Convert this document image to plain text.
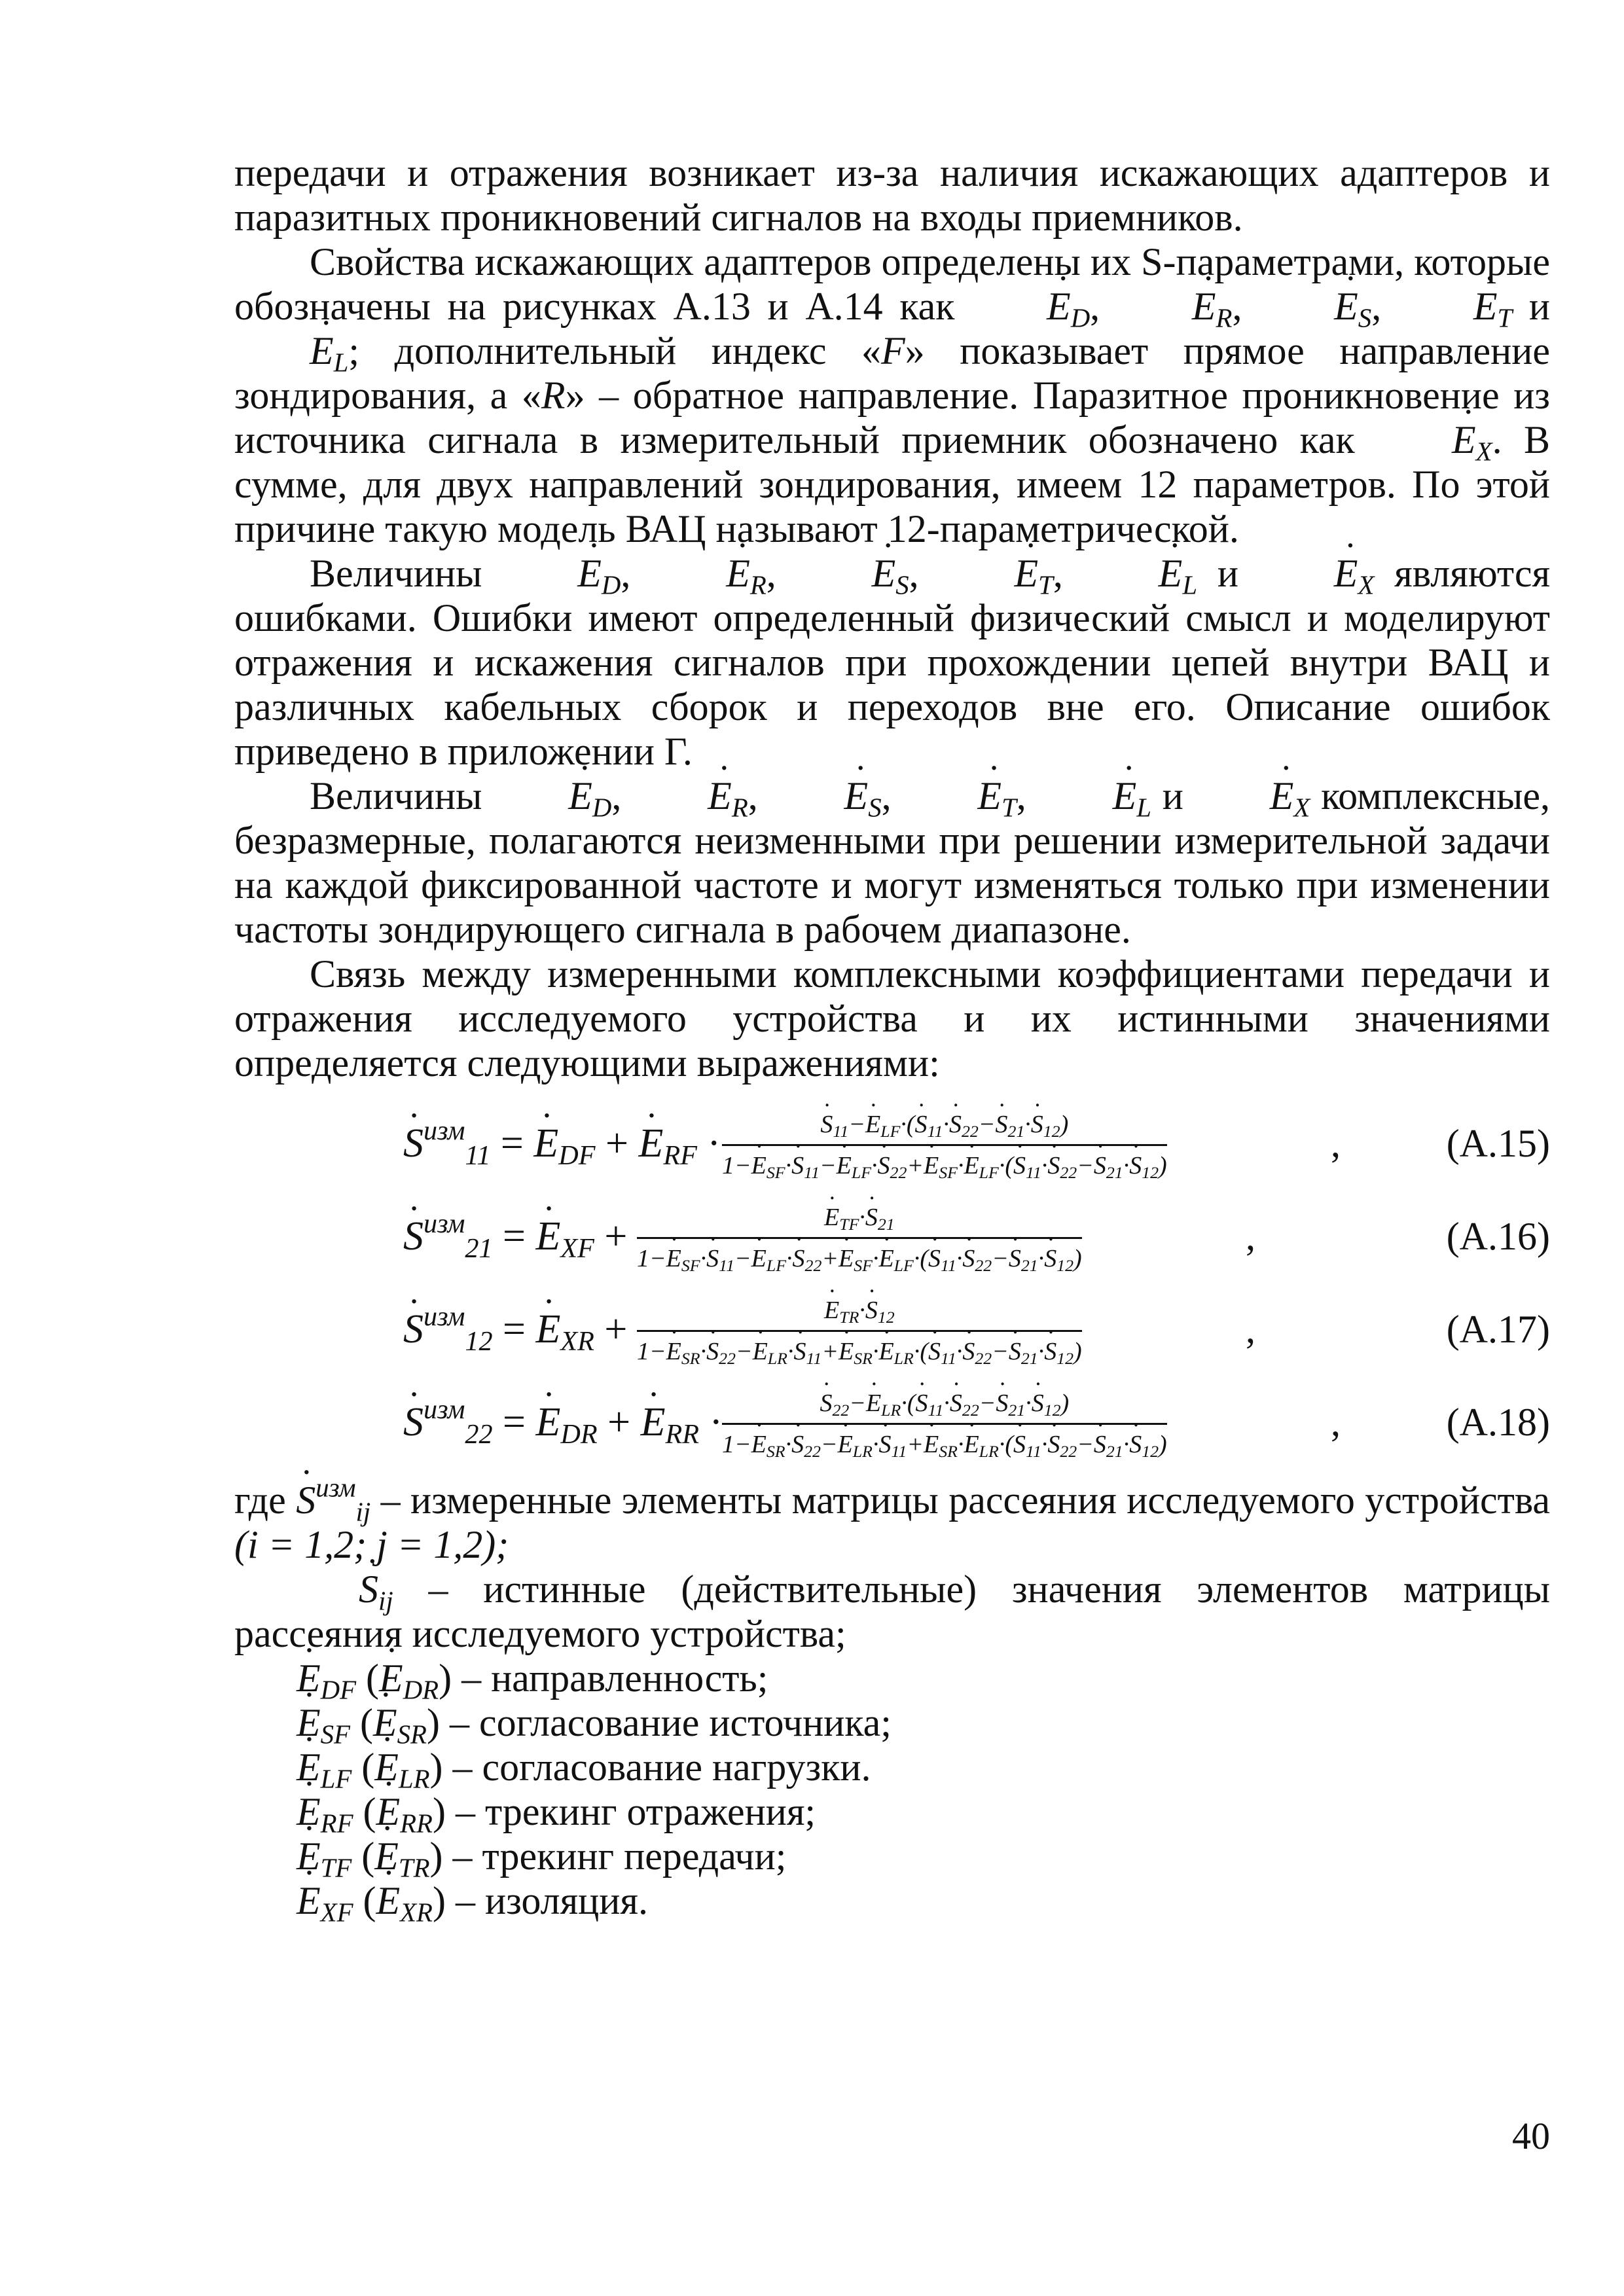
передачи и отражения возникает из-за наличия искажающих адаптеров и паразитных проникновений сигналов на входы приемников.

Свойства искажающих адаптеров определены их S-параметрами, которые обозначены на рисунках А.13 и А.14 как ˙ $E_D$, ˙ $E_R$, ˙ $E_S$, ˙ $E_T$ и ˙ $E_L$; дополнительный индекс «F» показывает прямое направление зондирования, а «R» – обратное направление. Паразитное проникновение из источника сигнала в измерительный приемник обозначено как ˙ $E_X$. В сумме, для двух направлений зондирования, имеем 12 параметров. По этой причине такую модель ВАЦ называют 12-параметрической.

Величины ˙ $E_D$, ˙ $E_R$, ˙ $E_S$, ˙ $E_T$, ˙ $E_L$ и ˙ $E_X$ являются ошибками. Ошибки имеют определенный физический смысл и моделируют отражения и искажения сигналов при прохождении цепей внутри ВАЦ и различных кабельных сборок и переходов вне его. Описание ошибок приведено в приложении Г.

Величины ˙ $E_D$, ˙ $E_R$, ˙ $E_S$, ˙ $E_T$, ˙ $E_L$ и ˙ $E_X$ комплексные, безразмерные, полагаются неизменными при решении измерительной задачи на каждой фиксированной частоте и могут изменяться только при изменении частоты зондирующего сигнала в рабочем диапазоне.

Связь между измеренными комплексными коэффициентами передачи и отражения исследуемого устройства и их истинными значениями определяется следующими выражениями:

˙ $S^{изм}_{11}$ = ˙ $E_{DF}$ + ˙ $E_{RF}$ ·	˙ $S_{11}-˙$ $E_{LF}\cdot(˙$ $S_{11}\cdot˙$ $S_{22}-˙$ $S_{21}\cdot˙$ $S_{12}$)
1−˙ $E_{SF}\cdot˙$ $S_{11}-˙$ $E_{LF}\cdot˙$ $S_{22}+˙$ $E_{SF}\cdot˙$ $E_{LF}\cdot(˙$ $S_{11}\cdot˙$ $S_{22}-˙$ $S_{21}\cdot˙$ $S_{12}$)
,	(А.15)
˙ $S^{изм}_{21}$ = ˙ $E_{XF}$ +	˙ $E_{TF}\cdot˙$ $S_{21}$
1−˙ $E_{SF}\cdot˙$ $S_{11}-˙$ $E_{LF}\cdot˙$ $S_{22}+˙$ $E_{SF}\cdot˙$ $E_{LF}\cdot(˙$ $S_{11}\cdot˙$ $S_{22}-˙$ $S_{21}\cdot˙$ $S_{12}$)
,	(А.16)
˙ $S^{изм}_{12}$ = ˙ $E_{XR}$ +	˙ $E_{TR}\cdot˙$ $S_{12}$
1−˙ $E_{SR}\cdot˙$ $S_{22}-˙$ $E_{LR}\cdot˙$ $S_{11}+˙$ $E_{SR}\cdot˙$ $E_{LR}\cdot(˙$ $S_{11}\cdot˙$ $S_{22}-˙$ $S_{21}\cdot˙$ $S_{12}$)
,	(А.17)
˙ $S^{изм}_{22}$ = ˙ $E_{DR}$ + ˙ $E_{RR}$ ·	˙ $S_{22}-˙$ $E_{LR}\cdot(˙$ $S_{11}\cdot˙$ $S_{22}-˙$ $S_{21}\cdot˙$ $S_{12}$)
1−˙ $E_{SR}\cdot˙$ $S_{22}-˙$ $E_{LR}\cdot˙$ $S_{11}+˙$ $E_{SR}\cdot˙$ $E_{LR}\cdot(˙$ $S_{11}\cdot˙$ $S_{22}-˙$ $S_{21}\cdot˙$ $S_{12}$)
,	(А.18)

где ˙ $S^{изм}_{ij}$ – измеренные элементы матрицы рассеяния исследуемого устройства (i = 1,2; j = 1,2);

˙ $S_{ij}$ – истинные (действительные) значения элементов матрицы рассеяния исследуемого устройства;

˙ $E_{DF}$ (˙ $E_{DR}$) – направленность;
˙ $E_{SF}$ (˙ $E_{SR}$) – согласование источника;
˙ $E_{LF}$ (˙ $E_{LR}$) – согласование нагрузки.
˙ $E_{RF}$ (˙ $E_{RR}$) – трекинг отражения;
˙ $E_{TF}$ (˙ $E_{TR}$) – трекинг передачи;
˙ $E_{XF}$ (˙ $E_{XR}$) – изоляция.
40
